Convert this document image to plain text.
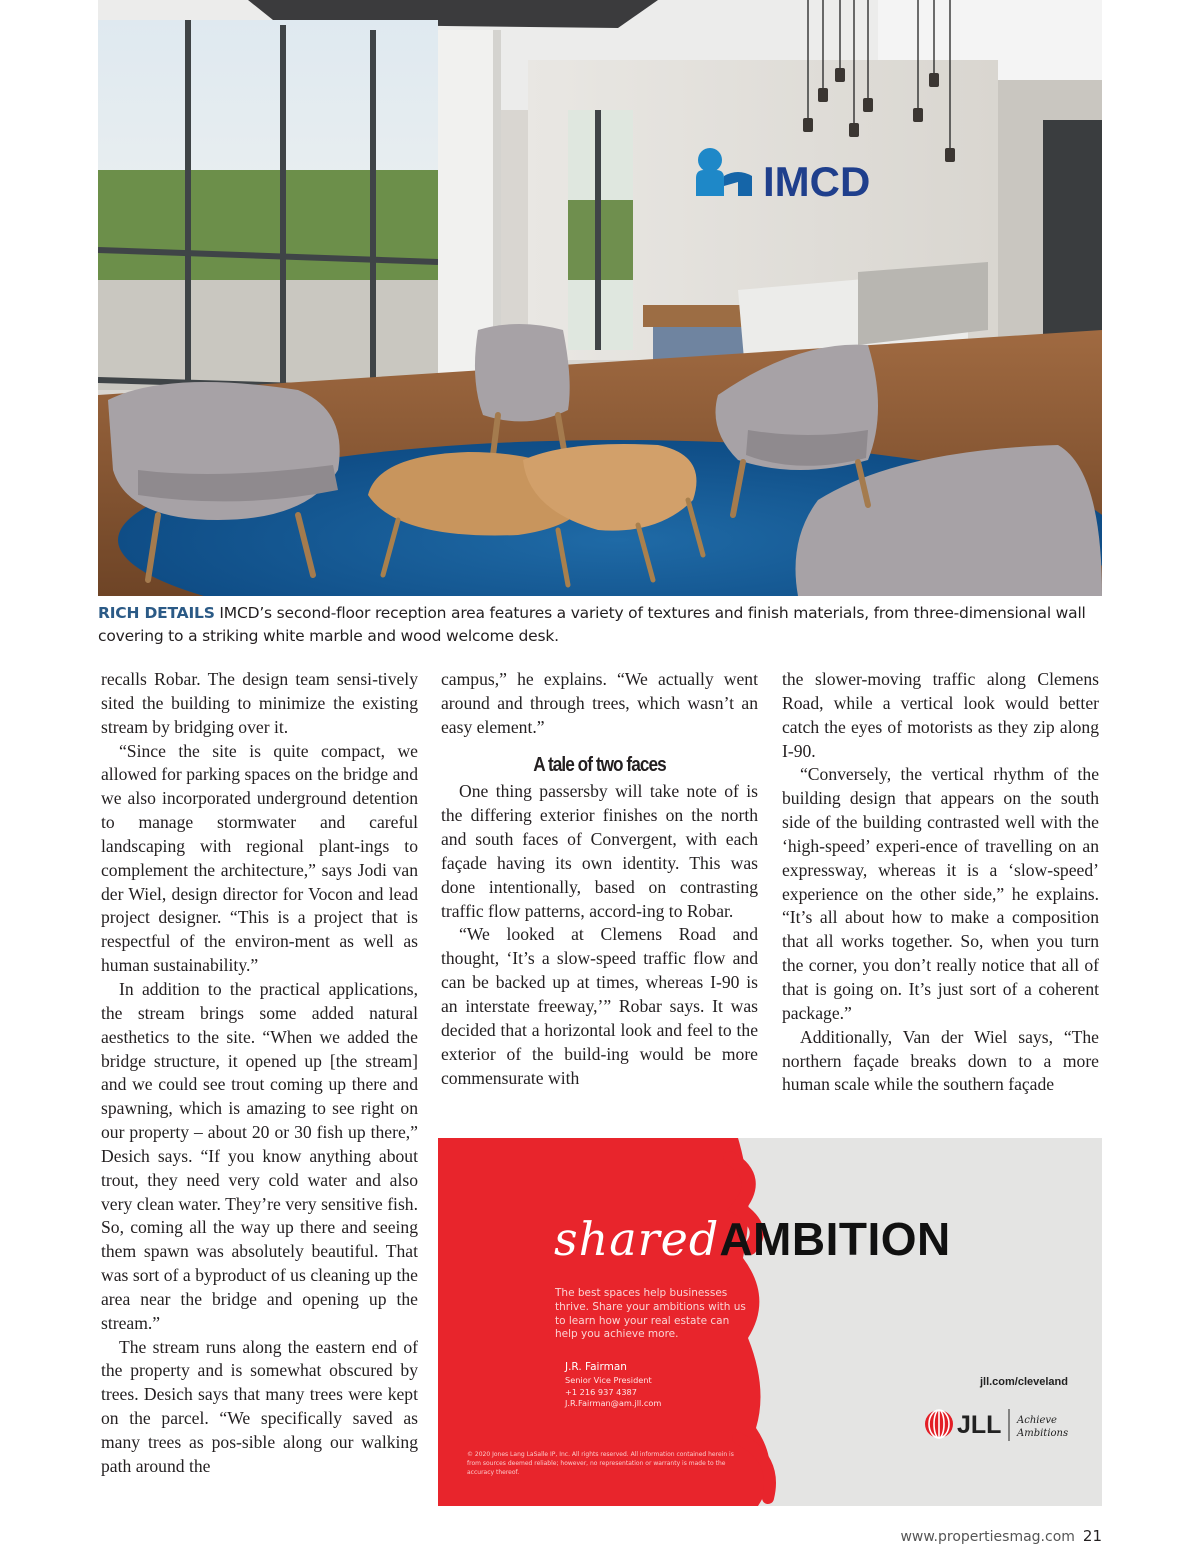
IMCD
RICH DETAILS IMCD’s second-floor reception area features a variety of textures and finish materials, from three-dimensional wall covering to a striking white marble and wood welcome desk.

recalls Robar. The design team sensi-tively sited the building to minimize the existing stream by bridging over it.

“Since the site is quite compact, we allowed for parking spaces on the bridge and we also incorporated underground detention to manage stormwater and careful landscaping with regional plant-ings to complement the architecture,” says Jodi van der Wiel, design director for Vocon and lead project designer. “This is a project that is respectful of the environ-ment as well as human sustainability.”

In addition to the practical applications, the stream brings some added natural aesthetics to the site. “When we added the bridge structure, it opened up [the stream] and we could see trout coming up there and spawning, which is amazing to see right on our property – about 20 or 30 fish up there,” Desich says. “If you know anything about trout, they need very cold water and also very clean water. They’re very sensitive fish. So, coming all the way up there and seeing them spawn was absolutely beautiful. That was sort of a byproduct of us cleaning up the area near the bridge and opening up the stream.”

The stream runs along the eastern end of the property and is somewhat obscured by trees. Desich says that many trees were kept on the parcel. “We specifically saved as many trees as pos-sible along our walking path around the

campus,” he explains. “We actually went around and through trees, which wasn’t an easy element.”

A tale of two faces

One thing passersby will take note of is the differing exterior finishes on the north and south faces of Convergent, with each façade having its own identity. This was done intentionally, based on contrasting traffic flow patterns, accord-ing to Robar.

“We looked at Clemens Road and thought, ‘It’s a slow-speed traffic flow and can be backed up at times, whereas I-90 is an interstate freeway,’” Robar says. It was decided that a horizontal look and feel to the exterior of the build-ing would be more commensurate with

the slower-moving traffic along Clemens Road, while a vertical look would better catch the eyes of motorists as they zip along I-90.

“Conversely, the vertical rhythm of the building design that appears on the south side of the building contrasted well with the ‘high-speed’ experi-ence of travelling on an expressway, whereas it is a ‘slow-speed’ experience on the other side,” he explains. “It’s all about how to make a composition that all works together. So, when you turn the corner, you don’t really notice that all of that is going on. It’s just sort of a coherent package.”

Additionally, Van der Wiel says, “The northern façade breaks down to a more human scale while the southern façade

sharedAMBITION
The best spaces help businesses thrive. Share your ambitions with us to learn how your real estate can help you achieve more.
J.R. Fairman
Senior Vice President
+1 216 937 4387
J.R.Fairman@am.jll.com
© 2020 Jones Lang LaSalle IP, Inc. All rights reserved. All information contained herein is from sources deemed reliable; however, no representation or warranty is made to the accuracy thereof.
jll.com/cleveland
JLL Achieve
Ambitions
www.propertiesmag.com 21
